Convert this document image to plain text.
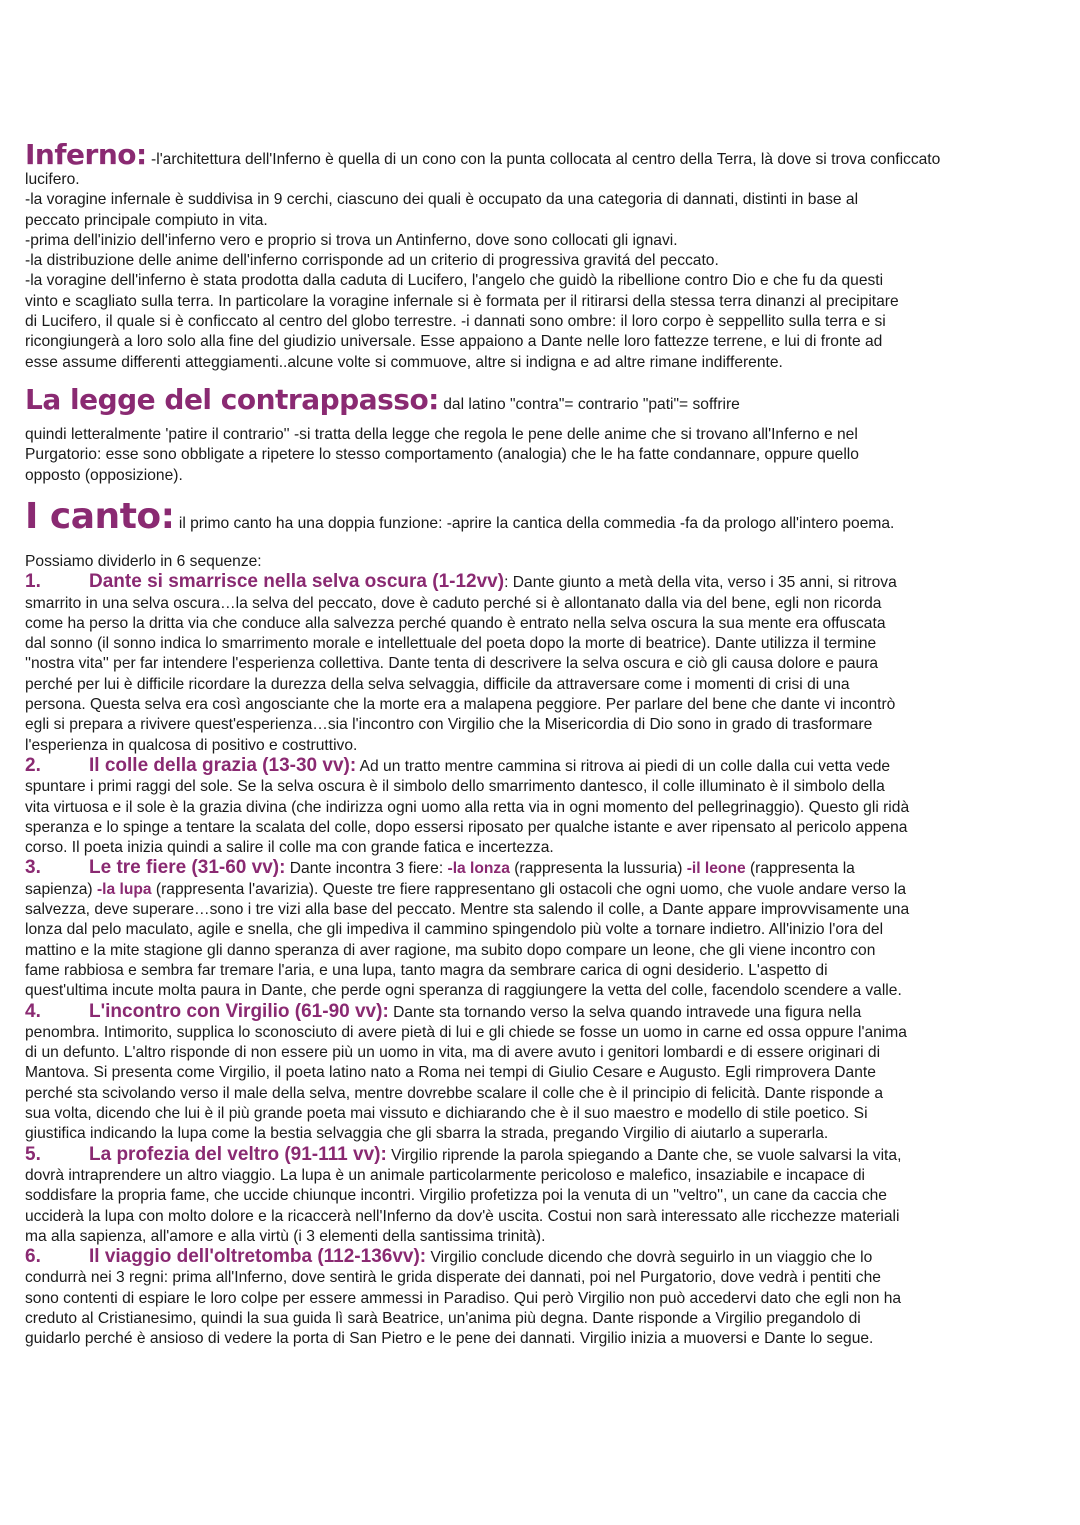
Inferno: -l'architettura dell'Inferno è quella di un cono con la punta collocata al centro della Terra, là dove si trova conficcato

lucifero.

-la voragine infernale è suddivisa in 9 cerchi, ciascuno dei quali è occupato da una categoria di dannati, distinti in base al

peccato principale compiuto in vita.

-prima dell'inizio dell'inferno vero e proprio si trova un Antinferno, dove sono collocati gli ignavi.

-la distribuzione delle anime dell'inferno corrisponde ad un criterio di progressiva gravitá del peccato.

-la voragine dell'inferno è stata prodotta dalla caduta di Lucifero, l'angelo che guidò la ribellione contro Dio e che fu da questi

vinto e scagliato sulla terra. In particolare la voragine infernale si è formata per il ritirarsi della stessa terra dinanzi al precipitare

di Lucifero, il quale si è conficcato al centro del globo terrestre. -i dannati sono ombre: il loro corpo è seppellito sulla terra e si

ricongiungerà a loro solo alla fine del giudizio universale. Esse appaiono a Dante nelle loro fattezze terrene, e lui di fronte ad

esse assume differenti atteggiamenti..alcune volte si commuove, altre si indigna e ad altre rimane indifferente.

La legge del contrappasso: dal latino "contra"= contrario "pati"= soffrire

quindi letteralmente 'patire il contrario'' -si tratta della legge che regola le pene delle anime che si trovano all'Inferno e nel

Purgatorio: esse sono obbligate a ripetere lo stesso comportamento (analogia) che le ha fatte condannare, oppure quello

opposto (opposizione).

I canto: il primo canto ha una doppia funzione: -aprire la cantica della commedia -fa da prologo all'intero poema.

Possiamo dividerlo in 6 sequenze:

1.	Dante si smarrisce nella selva oscura (1-12vv): Dante giunto a metà della vita, verso i 35 anni, si ritrova

smarrito in una selva oscura…la selva del peccato, dove è caduto perché si è allontanato dalla via del bene, egli non ricorda

come ha perso la dritta via che conduce alla salvezza perché quando è entrato nella selva oscura la sua mente era offuscata

dal sonno (il sonno indica lo smarrimento morale e intellettuale del poeta dopo la morte di beatrice). Dante utilizza il termine

''nostra vita'' per far intendere l'esperienza collettiva. Dante tenta di descrivere la selva oscura e ciò gli causa dolore e paura

perché per lui è difficile ricordare la durezza della selva selvaggia, difficile da attraversare come i momenti di crisi di una

persona. Questa selva era così angosciante che la morte era a malapena peggiore. Per parlare del bene che dante vi incontrò

egli si prepara a rivivere quest'esperienza…sia l'incontro con Virgilio che la Misericordia di Dio sono in grado di trasformare

l'esperienza in qualcosa di positivo e costruttivo.

2.	Il colle della grazia (13-30 vv): Ad un tratto mentre cammina si ritrova ai piedi di un colle dalla cui vetta vede

spuntare i primi raggi del sole. Se la selva oscura è il simbolo dello smarrimento dantesco, il colle illuminato è il simbolo della

vita virtuosa e il sole è la grazia divina (che indirizza ogni uomo alla retta via in ogni momento del pellegrinaggio). Questo gli ridà

speranza e lo spinge a tentare la scalata del colle, dopo essersi riposato per qualche istante e aver ripensato al pericolo appena

corso. Il poeta inizia quindi a salire il colle ma con grande fatica e incertezza.

3.	Le tre fiere (31-60 vv): Dante incontra 3 fiere: -la lonza (rappresenta la lussuria) -il leone (rappresenta la

sapienza) -la lupa (rappresenta l'avarizia). Queste tre fiere rappresentano gli ostacoli che ogni uomo, che vuole andare verso la

salvezza, deve superare…sono i tre vizi alla base del peccato. Mentre sta salendo il colle, a Dante appare improvvisamente una

lonza dal pelo maculato, agile e snella, che gli impediva il cammino spingendolo più volte a tornare indietro. All'inizio l'ora del

mattino e la mite stagione gli danno speranza di aver ragione, ma subito dopo compare un leone, che gli viene incontro con

fame rabbiosa e sembra far tremare l'aria, e una lupa, tanto magra da sembrare carica di ogni desiderio. L'aspetto di

quest'ultima incute molta paura in Dante, che perde ogni speranza di raggiungere la vetta del colle, facendolo scendere a valle.

4.	L'incontro con Virgilio (61-90 vv): Dante sta tornando verso la selva quando intravede una figura nella

penombra. Intimorito, supplica lo sconosciuto di avere pietà di lui e gli chiede se fosse un uomo in carne ed ossa oppure l'anima

di un defunto. L'altro risponde di non essere più un uomo in vita, ma di avere avuto i genitori lombardi e di essere originari di

Mantova. Si presenta come Virgilio, il poeta latino nato a Roma nei tempi di Giulio Cesare e Augusto. Egli rimprovera Dante

perché sta scivolando verso il male della selva, mentre dovrebbe scalare il colle che è il principio di felicità. Dante risponde a

sua volta, dicendo che lui è il più grande poeta mai vissuto e dichiarando che è il suo maestro e modello di stile poetico. Si

giustifica indicando la lupa come la bestia selvaggia che gli sbarra la strada, pregando Virgilio di aiutarlo a superarla.

5.	La profezia del veltro (91-111 vv): Virgilio riprende la parola spiegando a Dante che, se vuole salvarsi la vita,

dovrà intraprendere un altro viaggio. La lupa è un animale particolarmente pericoloso e malefico, insaziabile e incapace di

soddisfare la propria fame, che uccide chiunque incontri. Virgilio profetizza poi la venuta di un ''veltro'', un cane da caccia che

ucciderà la lupa con molto dolore e la ricaccerà nell'Inferno da dov'è uscita. Costui non sarà interessato alle ricchezze materiali

ma alla sapienza, all'amore e alla virtù (i 3 elementi della santissima trinità).

6.	Il viaggio dell'oltretomba (112-136vv): Virgilio conclude dicendo che dovrà seguirlo in un viaggio che lo

condurrà nei 3 regni: prima all'Inferno, dove sentirà le grida disperate dei dannati, poi nel Purgatorio, dove vedrà i pentiti che

sono contenti di espiare le loro colpe per essere ammessi in Paradiso. Qui però Virgilio non può accedervi dato che egli non ha

creduto al Cristianesimo, quindi la sua guida lì sarà Beatrice, un'anima più degna. Dante risponde a Virgilio pregandolo di

guidarlo perché è ansioso di vedere la porta di San Pietro e le pene dei dannati. Virgilio inizia a muoversi e Dante lo segue.
